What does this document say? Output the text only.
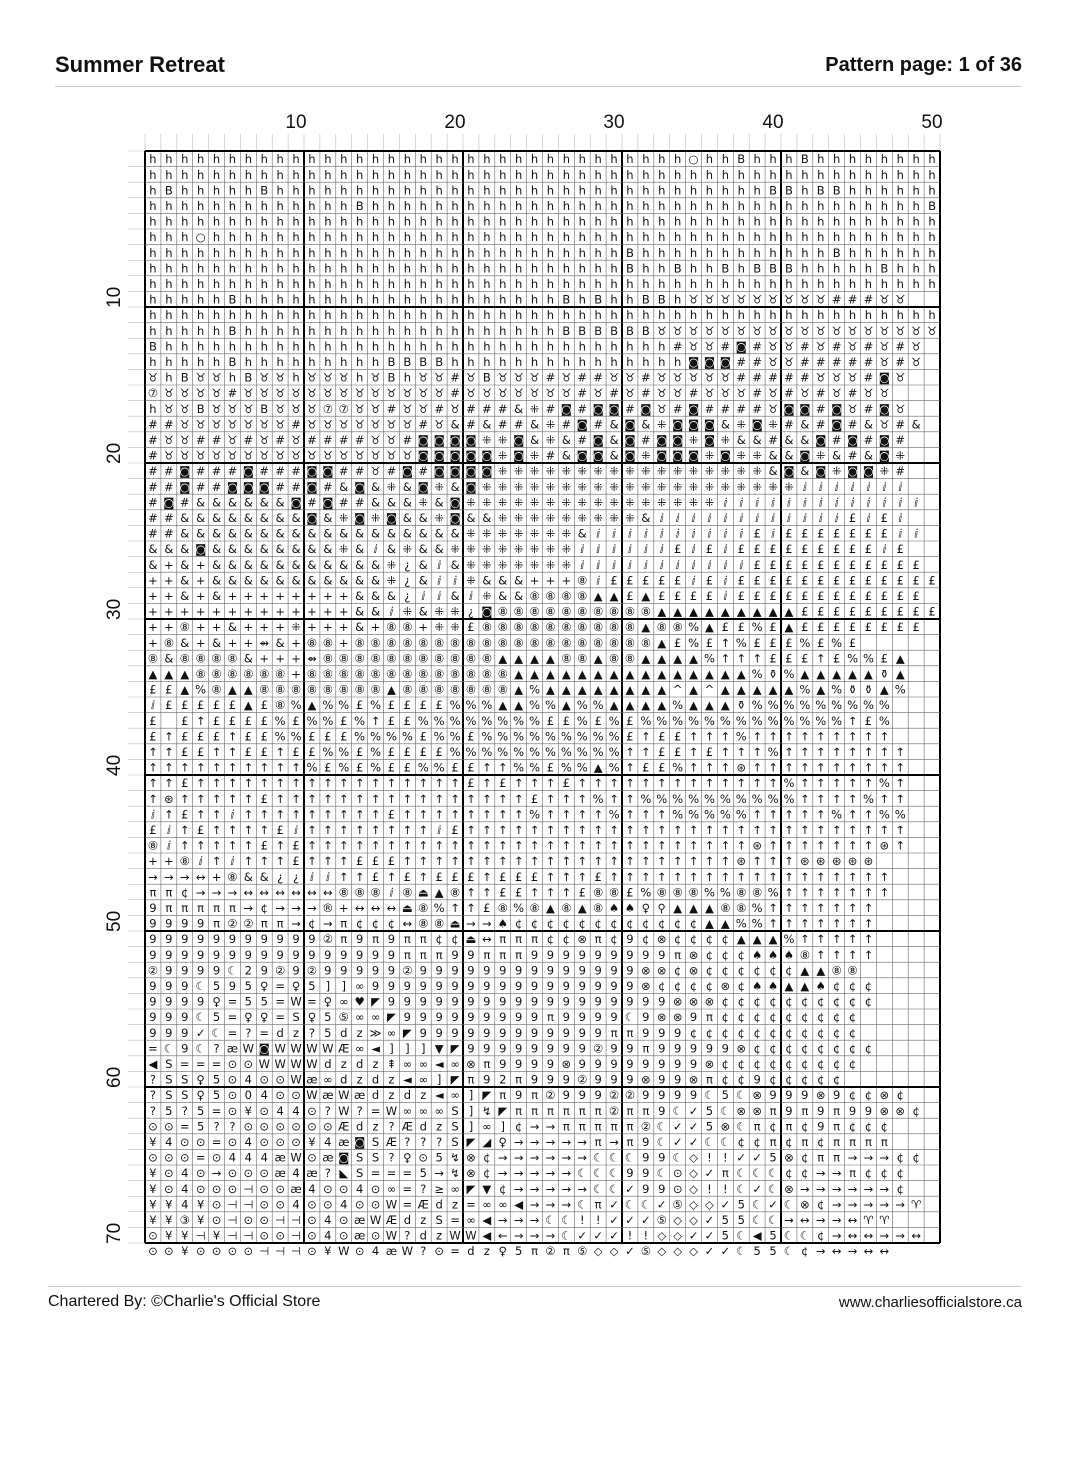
Summer Retreat	Pattern page: 1 of 36
10	20	30	40	50
10
20
30
40
50
60
70
h h h h h h h h h h h h h h h h h h h h h h h h h h h h h h h h h h ○ h h B h h h B h h h h h h h h
h h h h h h h h h h h h h h h h h h h h h h h h h h h h h h h h h h h h h h h h h h h h h h h h h h
h B h h h h h B h h h h h h h h h h h h h h h h h h h h h h h h h h h h h h h B B h B B h h h h h h
h h h h h h h h h h h h h B h h h h h h h h h h h h h h h h h h h h h h h h h h h h h h h h h h h B
h h h h h h h h h h h h h h h h h h h h h h h h h h h h h h h h h h h h h h h h h h h h h h h h h h
h h h ○ h h h h h h h h h h h h h h h h h h h h h h h h h h h h h h h h h h h h h h h h h h h h h h
h h h h h h h h h h h h h h h h h h h h h h h h h h h h h h B h h h h h h h h h h h h B h h h h h h
h h h h h h h h h h h h h h h h h h h h h h h h h h h h h h B h h B h h B h B B B h h h h h B h h h
h h h h h h h h h h h h h h h h h h h h h h h h h h h h h h h h h h h h h h h h h h h h h h h h h h
h h h h h B h h h h h h h h h h h h h h h h h h h h B h B h h B B h ♉ ♉ ♉ ♉ ♉ ♉ ♉ ♉ ♉ # # # ♉ ♉
h h h h h h h h h h h h h h h h h h h h h h h h h h h h h h h h h h h h h h h h h h h h h h h h h h
h h h h h B h h h h h h h h h h h h h h h h h h h h B B B B B B ♉ ♉ ♉ ♉ ♉ ♉ ♉ ♉ ♉ ♉ ♉ ♉ ♉ ♉ ♉ ♉ ♉ ♉
B h h h h h h h h h h h h h h h h h h h h h h h h h h h h h h h h # ♉ ♉ # ◙ # ♉ ♉ # ♉ # ♉ # ♉ # ♉
h h h h h B h h h h h h h h h B B B B h h h h h h h h h h h h h h h ◙ ◙ ◙ # # ♉ ♉ # # # # # ♉ # ♉
♉ h B ♉ ♉ h B ♉ ♉ h ♉ ♉ ♉ h ♉ B h ♉ ♉ # ♉ B ♉ ♉ ♉ # ♉ # # ♉ ♉ # ♉ ♉ ♉ ♉ ♉ # # # # # ♉ ♉ ♉ # ◙ ♉
⑦ ♉ ♉ ♉ ♉ # ♉ ♉ ♉ ♉ ♉ ♉ ♉ ♉ ♉ ♉ ♉ ♉ ♉ # ♉ ♉ ♉ ♉ ♉ ♉ ♉ # ♉ # ♉ # ♉ ♉ # ♉ ♉ ♉ # ♉ # ♉ # ♉ # ♉ ♉
h ♉ ♉ B ♉ ♉ ♉ B ♉ ♉ ♉ ⑦ ⑦ ♉ ♉ # ♉ ♉ # ♉ # # # & ⁜ # ◙ # ◙ ◙ # ◙ ♉ # ◙ # # # # ♉ ◙ ◙ # ◙ ♉ # ◙ ♉
# # ♉ ♉ ♉ ♉ ♉ ♉ ♉ # ♉ ♉ ♉ ♉ ♉ ♉ ♉ # ♉ & # & # # & ⁜ # ◙ # & ◙ & ⁜ ◙ ◙ ◙ & ⁜ ◙ ⁜ # & # ◙ # & ♉ # &
# ♉ ♉ # # ♉ # ♉ # ♉ # # # # ♉ ♉ # ◙ ◙ ◙ ◙ ⁜ ⁜ ◙ & ⁜ & # ◙ & ◙ # ◙ ◙ ⁜ ◙ ⁜ & & # & & ◙ # ◙ # ◙ #
# ♉ ♉ ♉ ♉ ♉ ♉ ♉ ♉ ♉ ♉ ♉ ♉ ♉ ♉ ♉ ♉ ◙ ◙ ◙ ◙ ◙ ⁜ ◙ ⁜ # & ◙ ◙ & ◙ ⁜ ◙ ◙ ◙ ⁜ ◙ ⁜ ⁜ & & ◙ ⁜ & # & ◙ ⁜
# # ◙ # # # ◙ # # # ◙ ◙ # # ♉ # ◙ # ◙ ◙ ◙ ◙ ⁜ ⁜ ⁜ ⁜ ⁜ ⁜ ⁜ ⁜ ⁜ ⁜ ⁜ ⁜ ⁜ ⁜ ⁜ ⁜ ⁜ & ◙ & ◙ ⁜ ◙ ◙ ⁜ #
# # ◙ # # ◙ ◙ ◙ # # ◙ # & ◙ & ⁜ & ◙ ⁜ & ◙ ⁜ ⁜ ⁜ ⁜ ⁜ ⁜ ⁜ ⁜ ⁜ ⁜ ⁜ ⁜ ⁜ ⁜ ⁜ ⁜ ⁜ ⁜ ⁜ ⁜ ⅈ ⅈ ⅈ ⅈ ⅈ ⅈ ⅈ
# ◙ # & & & & & & ◙ # ◙ # # & & & ⁜ & ◙ ⁜ ⁜ ⁜ ⁜ ⁜ ⁜ ⁜ ⁜ ⁜ ⁜ ⁜ ⁜ ⁜ ⁜ ⁜ ⁜ ⅈ ⅈ ⅈ ⅈ ⅈ ⅈ ⅈ ⅈ ⅈ ⅈ ⅈ ⅈ ⅈ
# # & & & & & & & & ◙ & ⁜ ◙ ⁜ ◙ & & ⁜ ◙ & & ⁜ ⁜ ⁜ ⁜ ⁜ ⁜ ⁜ ⁜ ⁜ & ⅈ ⅈ ⅈ ⅈ ⅈ ⅈ ⅈ ⅈ ⅈ ⅈ ⅈ ⅈ £ ⅈ £ ⅈ
# # & & & & & & & & & & & & & & & & & & ⁜ ⁜ ⁜ ⁜ ⁜ ⁜ ⁜ & ⅈ ⅈ ⅈ ⅈ ⅈ ⅈ ⅈ ⅈ ⅈ ⅈ £ ⅈ £ £ £ £ £ £ £ ⅈ ⅈ
& & & ◙ & & & & & & & & ⁜ & ⅈ & ⁜ & & ⁜ ⁜ ⁜ ⁜ ⁜ ⁜ ⁜ ⁜ ⅈ ⅈ ⅈ ⅈ ⅈ ⅈ £ ⅈ £ ⅈ £ £ £ £ £ £ £ £ £ ⅈ £
& + & + & & & & & & & & & & & ⁜ ¿ & ⅈ & ⁜ ⁜ ⁜ ⁜ ⁜ ⁜ ⁜ ⅈ ⅈ ⅈ ⅈ ⅈ ⅈ ⅈ ⅈ ⅈ ⅈ ⅈ £ £ £ £ £ £ £ £ £ £ £
+ + & + & & & & & & & & & & & ⁜ ¿ & ⅈ ⅈ ⁜ & & & + + + ⑧ ⅈ £ £ £ £ £ ⅈ £ ⅈ £ £ £ £ £ £ £ £ £ £ £ £ £
+ + & + & + + + + + + + + & & & ¿ ⅈ ⅈ & ⅈ ⁜ & & ⑧ ⑧ ⑧ ⑧ ▲ ▲ £ ▲ £ £ £ £ ⅈ £ £ £ £ £ £ £ £ £ £ £ £
+ + + + + + + + + + + + + & & ⅈ ⁜ & ⁜ ⁜ ¿ ◙ ⑧ ⑧ ⑧ ⑧ ⑧ ⑧ ⑧ ⑧ ⑧ ⑧ ▲ ▲ ▲ ▲ ▲ ▲ ▲ ▲ ▲ £ £ £ £ £ £ £ £ £
+ + ⑧ + + & + + + ⁜ + + + & + ⑧ ⑧ + ⁜ ⁜ £ ⑧ ⑧ ⑧ ⑧ ⑧ ⑧ ⑧ ⑧ ⑧ ⑧ ▲ ⑧ ⑧ % ▲ £ £ % £ ▲ £ £ £ £ £ £ £ £
+ ⑧ & + & + + ⇴ & + ⑧ ⑧ + ⑧ ⑧ ⑧ ⑧ ⑧ ⑧ ⑧ ⑧ ⑧ ⑧ ⑧ ⑧ ⑧ ⑧ ⑧ ⑧ ⑧ ⑧ ⑧ ▲ £ % £ ↑ % £ £ £ % £ % £
⑧ & ⑧ ⑧ ⑧ ⑧ & + + + ⇴ ⑧ ⑧ ⑧ ⑧ ⑧ ⑧ ⑧ ⑧ ⑧ ⑧ ⑧ ▲ ▲ ▲ ▲ ⑧ ⑧ ▲ ⑧ ⑧ ▲ ▲ ▲ ▲ % ↑ ↑ ↑ £ £ £ ↑ £ % % £ ▲
▲ ▲ ▲ ⑧ ⑧ ⑧ ⑧ ⑧ ⑧ + ⑧ ⑧ ⑧ ⑧ ⑧ ⑧ ⑧ ⑧ ⑧ ⑧ ⑧ ⑧ ⑧ ▲ ▲ ▲ ▲ ▲ ▲ ▲ ▲ ▲ ▲ ▲ ▲ ▲ ▲ ▲ % ⚱ % ▲ ▲ ▲ ▲ ▲ ⚱ ▲
£ £ ▲ % ⑧ ▲ ▲ ⑧ ⑧ ⑧ ⑧ ⑧ ⑧ ⑧ ⑧ ▲ ⑧ ⑧ ⑧ ⑧ ⑧ ⑧ ⑧ ▲ % ▲ ▲ ▲ ▲ ▲ ▲ ▲ ▲ ^ ▲ ^ ▲ ▲ ▲ ▲ ▲ % ▲ % ⚱ ⚱ ▲ %
ⅈ £ £ £ £ £ ▲ £ ⑧ % ▲ % % £ % £ £ £ £ % % % ▲ ▲ % % ▲ % % ▲ ▲ ▲ ▲ % ▲ ▲ ▲ ⚱ % % % % % % % % %
£ £ ↑ £ £ £ £ % £ % % £ % ↑ £ £ % % % % % % % % £ £ % £ % £ % % % % % % % % % % % % % ↑ £ %
£ ↑ £ £ £ ↑ £ £ % % £ £ £ % % % % £ % % £ % % % % % % % % % £ ↑ £ £ ↑ ↑ ↑ % ↑ ↑ ↑ ↑ ↑ ↑ ↑ ↑ ↑
↑ ↑ £ £ ↑ ↑ £ £ ↑ £ £ % % £ % £ £ £ £ % % % % % % % % % % % ↑ ↑ £ £ ↑ £ ↑ ↑ ↑ % ↑ ↑ ↑ ↑ ↑ ↑ ↑ ↑
↑ ↑ ↑ ↑ ↑ ↑ ↑ ↑ ↑ ↑ % £ % £ % £ £ % % £ £ ↑ ↑ % % £ % % ▲ % ↑ £ £ % ↑ ↑ ↑ ⊛ ↑ ↑ ↑ ↑ ↑ ↑ ↑ ↑ ↑ ↑
↑ ↑ £ ↑ ↑ ↑ ↑ ↑ ↑ ↑ ↑ ↑ ↑ ↑ ↑ ↑ ↑ ↑ ↑ ↑ £ ↑ £ ↑ ↑ ↑ £ ↑ ↑ ↑ ↑ ↑ ↑ ↑ ↑ ↑ ↑ ↑ ↑ ↑ % ↑ ↑ ↑ ↑ ↑ % ↑
↑ ⊛ ↑ ↑ ↑ ↑ ↑ £ ↑ ↑ ↑ ↑ ↑ ↑ ↑ ↑ ↑ ↑ ↑ ↑ ↑ ↑ ↑ ↑ £ ↑ ↑ ↑ % ↑ ↑ % % % % % % % % % % ↑ ↑ ↑ ↑ % ↑ ↑
ⅈ ↑ £ ↑ ↑ ⅈ ↑ ↑ ↑ ↑ ↑ ↑ ↑ ↑ ↑ £ ↑ ↑ ↑ ↑ ↑ ↑ ↑ ↑ % ↑ ↑ ↑ ↑ % ↑ ↑ ↑ % % % % % ↑ ↑ ↑ ↑ ↑ % ↑ ↑ % %
£ ⅈ ↑ £ ↑ ↑ ↑ ↑ £ ⅈ ↑ ↑ ↑ ↑ ↑ ↑ ↑ ↑ ⅈ £ ↑ ↑ ↑ ↑ ↑ ↑ ↑ ↑ ↑ ↑ ↑ ↑ ↑ ↑ ↑ ↑ ↑ ↑ ↑ ↑ ↑ ↑ ↑ ↑ ↑ ↑ ↑ ↑
⑧ ⅈ ↑ ↑ ↑ ↑ ↑ £ ↑ £ ↑ ↑ ↑ ↑ ↑ ↑ ↑ ↑ ↑ ↑ ↑ ↑ ↑ ↑ ↑ ↑ ↑ ↑ ↑ ↑ ↑ ↑ ↑ ↑ ↑ ↑ ↑ ↑ ⊛ ↑ ↑ ↑ ↑ ↑ ↑ ↑ ⊛ ↑
+ + ⑧ ⅈ ↑ ⅈ ↑ ↑ ↑ £ ↑ ↑ ↑ £ £ £ ↑ ↑ ↑ ↑ ↑ ↑ ↑ ↑ ↑ ↑ ↑ ↑ ↑ ↑ ↑ ↑ ↑ ↑ ↑ ↑ ↑ ⊛ ↑ ↑ ↑ ⊛ ⊛ ⊛ ⊛ ⊛
→ → → ↔ + ⑧ & & ¿ ¿ ⅈ ⅈ ↑ ↑ £ ↑ £ ↑ £ £ £ ↑ £ £ £ ↑ ↑ ↑ £ ↑ ↑ ↑ ↑ ↑ ↑ ↑ ↑ ↑ ↑ ↑ ↑ ↑ ↑ ↑ ↑ ↑ ↑
π π ¢ → → → ↔ ↔ ↔ ↔ ↔ ↔ ⑧ ⑧ ⑧ ⅈ ⑧ ⏏ ▲ ⑧ ↑ ↑ £ £ ↑ ↑ ↑ £ ⑧ ⑧ £ % ⑧ ⑧ ⑧ % % ⑧ ⑧ % ↑ ↑ ↑ ↑ ↑ ↑ ↑
9 π π π π π → ¢ → → → ® + ↔ ↔ ↔ ⏏ ⑧ % ↑ ↑ £ ⑧ % ⑧ ▲ ⑧ ▲ ⑧ ♠ ♠ ♀ ⚲ ▲ ▲ ▲ ⑧ ⑧ % ↑ ↑ ↑ ↑ ↑ ↑ ↑
9 9 9 9 π ② ② π π → ¢ → π ¢ ¢ ¢ ↔ ⑧ ⑧ ⏏ → → ♠ ¢ ¢ ¢ ¢ ¢ ¢ ¢ ¢ ¢ ¢ ¢ ¢ ▲ ▲ % % ↑ ↑ ↑ ↑ ↑ ↑ ↑
9 9 9 9 9 9 9 9 9 9 9 ② π 9 π 9 π π ¢ ¢ ⏏ ↔ π π π ¢ ¢ ⊗ π ¢ 9 ¢ ⊗ ¢ ¢ ¢ ¢ ▲ ▲ ▲ % ↑ ↑ ↑ ↑ ↑
9 9 9 9 9 9 9 9 9 9 9 9 9 9 9 9 π π π 9 9 π π π 9 9 9 9 9 9 9 9 9 π ⊗ ¢ ¢ ¢ ♠ ♠ ♠ ⑧ ↑ ↑ ↑ ↑
② 9 9 9 9 ☾ 2 9 ② 9 ② 9 9 9 9 9 ② 9 9 9 9 9 9 9 9 9 9 9 9 9 9 ⊗ ⊗ ¢ ⊗ ¢ ¢ ¢ ¢ ¢ ¢ ▲ ▲ ⑧ ⑧
9 9 9 ☾ 5 9 5 ♀ = ♀ 5 ] ] ∞ 9 9 9 9 9 9 9 9 9 9 9 9 9 9 9 9 9 ⊗ ¢ ¢ ¢ ¢ ⊗ ¢ ♠ ♠ ▲ ▲ ♠ ¢ ¢ ¢
9 9 9 9 ♀ = 5 5 = W = ♀ ∞ ♥ ◤ 9 9 9 9 9 9 9 9 9 9 9 9 9 9 9 9 9 9 ⊗ ⊗ ⊗ ¢ ¢ ¢ ¢ ¢ ¢ ¢ ¢ ¢ ¢
9 9 9 ☾ 5 = ♀ ♀ = S ♀ 5 ⑤ ∞ ∞ ◤ 9 9 9 9 9 9 9 9 9 π 9 9 9 9 ☾ 9 ⊗ ⊗ 9 π ¢ ¢ ¢ ¢ ¢ ¢ ¢ ¢ ¢
9 9 9 ✓ ☾ = ? = d z ? 5 d z ≫ ∞ ◤ 9 9 9 9 9 9 9 9 9 9 9 9 π π 9 9 9 ¢ ¢ ¢ ¢ ¢ ¢ ¢ ¢ ¢ ¢ ¢
= ☾ 9 ☾ ? æ W ◙ W W W W Æ ∞ ◄ ] ] ] ▼ ◤ 9 9 9 9 9 9 9 9 ② 9 9 π 9 9 9 9 9 ⊗ ¢ ¢ ¢ ¢ ¢ ¢ ¢ ¢
◀ S = = = ⊙ ⊙ W W W W d z d z ⇞ ∞ ∞ ◄ ∞ ⊗ π 9 9 9 9 ⊗ 9 9 9 9 9 9 9 9 ⊗ ¢ ¢ ¢ ¢ ¢ ¢ ¢ ¢ ¢
? S S ♀ 5 ⊙ 4 ⊙ ⊙ W æ ∞ d z d z ◄ ∞ ] ◤ π 9 2 π 9 9 9 ② 9 9 9 ⊗ 9 9 ⊗ π ¢ ¢ 9 ¢ ¢ ¢ ¢ ¢
? S S ♀ 5 ⊙ 0 4 ⊙ ⊙ W æ W æ d z d z ◄ ∞ ] ◤ π 9 π ② 9 9 9 ② ② 9 9 9 9 ☾ 5 ☾ ⊗ 9 9 9 ⊗ 9 ¢ ¢ ⊗ ¢
? 5 ? 5 = ⊙ ¥ ⊙ 4 4 ⊙ ? W ? = W ∞ ∞ ∞ S ] ↯ ◤ π π π π π π ② π π 9 ☾ ✓ 5 ☾ ⊗ ⊗ π 9 π 9 π 9 9 ⊗ ⊗ ¢
⊙ ⊙ = 5 ? ? ⊙ ⊙ ⊙ ⊙ ⊙ ⊙ Æ d z ? Æ d z S ] ∞ ] ¢ → → π π π π π ② ☾ ✓ ✓ 5 ⊗ ☾ π ¢ π ¢ 9 π ¢ ¢ ¢
¥ 4 ⊙ ⊙ = ⊙ 4 ⊙ ⊙ ⊙ ¥ 4 æ ◙ S Æ ? ? ? S ◤ ◢ ♀ → → → → → π → π 9 ☾ ✓ ✓ ☾ ☾ ¢ ¢ π ¢ π ¢ π π π π
⊙ ⊙ ⊙ = ⊙ 4 4 4 æ W ⊙ æ ◙ S S ? ♀ ⊙ 5 ↯ ⊗ ¢ → → → → → → ☾ ☾ ☾ 9 9 ☾ ◇ ! ! ✓ ✓ 5 ⊗ ¢ π π → → → ¢ ¢
¥ ⊙ 4 ⊙ → ⊙ ⊙ ⊙ æ 4 æ ? ◣ S = = = 5 → ↯ ⊗ ¢ → → → → → ☾ ☾ ☾ 9 9 ☾ ⊙ ◇ ✓ π ☾ ☾ ☾ ¢ ¢ → → π ¢ ¢ ¢
¥ ⊙ 4 ⊙ ⊙ ⊙ ⊣ ⊙ ⊙ æ 4 ⊙ ⊙ 4 ⊙ ∞ = ? ≥ ∞ ◤ ▼ ¢ → → → → → ☾ ☾ ✓ 9 9 ⊙ ◇ ! ! ☾ ✓ ☾ ⊗ → → → → → → ¢
¥ ¥ 4 ¥ ⊙ ⊣ ⊣ ⊙ ⊙ 4 ⊙ ⊙ 4 ⊙ ⊙ W = Æ d z = ∞ ∞ ◀ → → → ☾ π ✓ ☾ ☾ ✓ ⑤ ◇ ◇ ✓ 5 ☾ ✓ ☾ ⊗ ¢ → → → → → ♈
¥ ¥ ③ ¥ ⊙ ⊣ ⊙ ⊙ ⊣ ⊣ ⊙ 4 ⊙ æ W Æ d z S = ∞ ◀ → → → ☾ ☾ ! ! ✓ ✓ ✓ ⑤ ◇ ◇ ✓ 5 5 ☾ ☾ → ↔ → → ↔ ♈ ♈
⊙ ¥ ¥ ⊣ ¥ ⊣ ⊣ ⊙ ⊙ ⊣ ⊙ 4 ⊙ æ ⊙ W ? d z W W ◀ ← → → → ☾ ✓ ✓ ✓ ! ! ◇ ◇ ✓ ✓ 5 ☾ ◀ 5 ☾ ☾ ¢ → ↔ ↔ → → ↔
⊙ ⊙ ¥ ⊙ ⊙ ⊙ ⊙ ⊣ ⊣ ⊣ ⊙ ¥ W ⊙ 4 æ W ? ⊙ = d z ♀ 5 π ② π ⑤ ◇ ◇ ✓ ⑤ ◇ ◇ ◇ ✓ ✓ ☾ 5 5 ☾ ¢ → ↔ → ↔ ↔
Chartered By: ©Charlie's Official Store	www.charliesofficialstore.ca
